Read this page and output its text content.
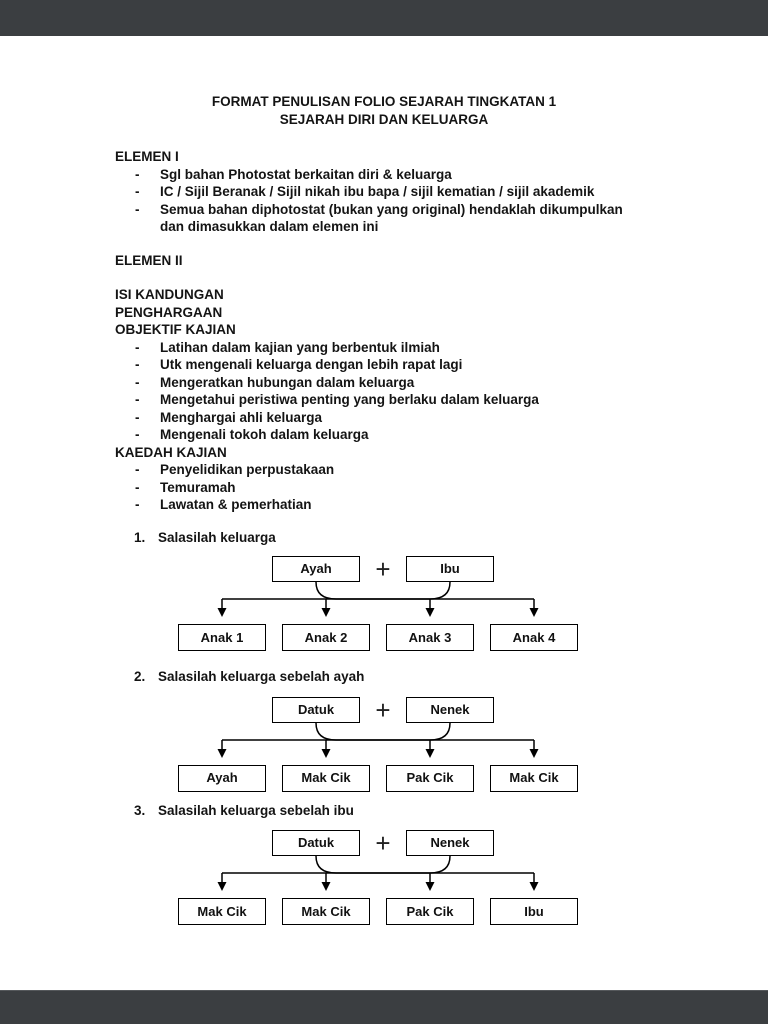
FORMAT PENULISAN FOLIO SEJARAH TINGKATAN 1
SEJARAH DIRI DAN KELUARGA
ELEMEN I
-	Sgl bahan Photostat berkaitan diri & keluarga
-	IC / Sijil Beranak / Sijil nikah ibu bapa / sijil kematian / sijil akademik
-	Semua bahan diphotostat (bukan yang original) hendaklah dikumpulkan dan dimasukkan dalam elemen ini
ELEMEN II
ISI KANDUNGAN
PENGHARGAAN
OBJEKTIF KAJIAN
-	Latihan dalam kajian yang berbentuk ilmiah
-	Utk mengenali keluarga dengan lebih rapat lagi
-	Mengeratkan hubungan dalam keluarga
-	Mengetahui peristiwa penting yang berlaku dalam keluarga
-	Menghargai ahli keluarga
-	Mengenali tokoh dalam keluarga
KAEDAH KAJIAN
-	Penyelidikan perpustakaan
-	Temuramah
-	Lawatan & pemerhatian
1. Salasilah keluarga
Ayah	+	Ibu
Anak 1	Anak 2	Anak 3	Anak 4
2. Salasilah keluarga sebelah ayah
Datuk	+	Nenek
Ayah	Mak Cik	Pak Cik	Mak Cik
3. Salasilah keluarga sebelah ibu
Datuk	+	Nenek
Mak Cik	Mak Cik	Pak Cik	Ibu
